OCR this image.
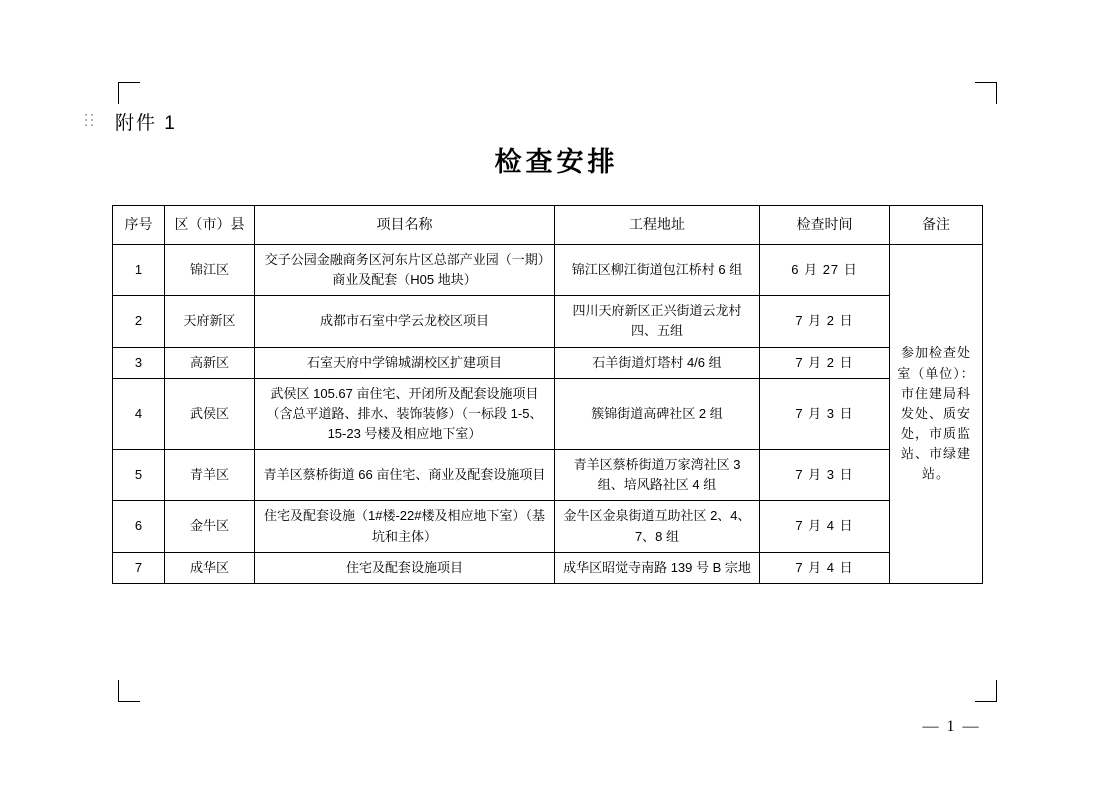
附件 1
检查安排
序号	区（市）县	项目名称	工程地址	检查时间	备注
1	锦江区	交子公园金融商务区河东片区总部产业园（一期）商业及配套（H05 地块）	锦江区柳江街道包江桥村 6 组	6 月 27 日	参加检查处室（单位）：市住建局科发处、质安处，市质监站、市绿建站。
2	天府新区	成都市石室中学云龙校区项目	四川天府新区正兴街道云龙村四、五组	7 月 2 日	
3	高新区	石室天府中学锦城湖校区扩建项目	石羊街道灯塔村 4/6 组	7 月 2 日	
4	武侯区	武侯区 105.67 亩住宅、开闭所及配套设施项目（含总平道路、排水、装饰装修）（一标段 1-5、15-23 号楼及相应地下室）	簇锦街道高碑社区 2 组	7 月 3 日	
5	青羊区	青羊区蔡桥街道 66 亩住宅、商业及配套设施项目	青羊区蔡桥街道万家湾社区 3 组、培风路社区 4 组	7 月 3 日	
6	金牛区	住宅及配套设施（1#楼-22#楼及相应地下室）（基坑和主体）	金牛区金泉街道互助社区 2、4、7、8 组	7 月 4 日	
7	成华区	住宅及配套设施项目	成华区昭觉寺南路 139 号 B 宗地	7 月 4 日	
— 1 —
